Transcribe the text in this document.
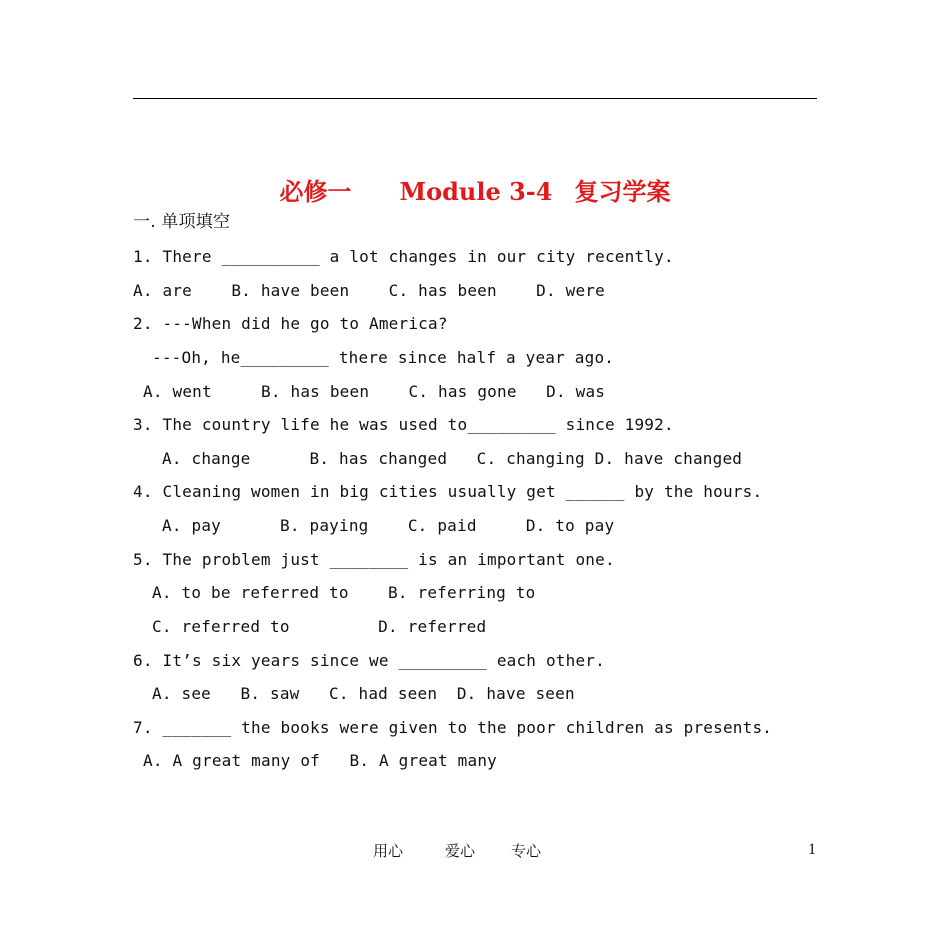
必修一 Module 3-4 复习学案
一. 单项填空
1. There __________ a lot changes in our city recently.
A. are    B. have been    C. has been    D. were
2. ---When did he go to America?
---Oh, he_________ there since half a year ago.
A. went     B. has been    C. has gone   D. was
3. The country life he was used to_________ since 1992.
A. change      B. has changed   C. changing D. have changed
4. Cleaning women in big cities usually get ______ by the hours.
A. pay      B. paying    C. paid     D. to pay
5. The problem just ________ is an important one.
A. to be referred to    B. referring to
C. referred to         D. referred
6. It’s six years since we _________ each other.
A. see   B. saw   C. had seen  D. have seen
7. _______ the books were given to the poor children as presents.
A. A great many of   B. A great many
用心	爱心 专心	1
